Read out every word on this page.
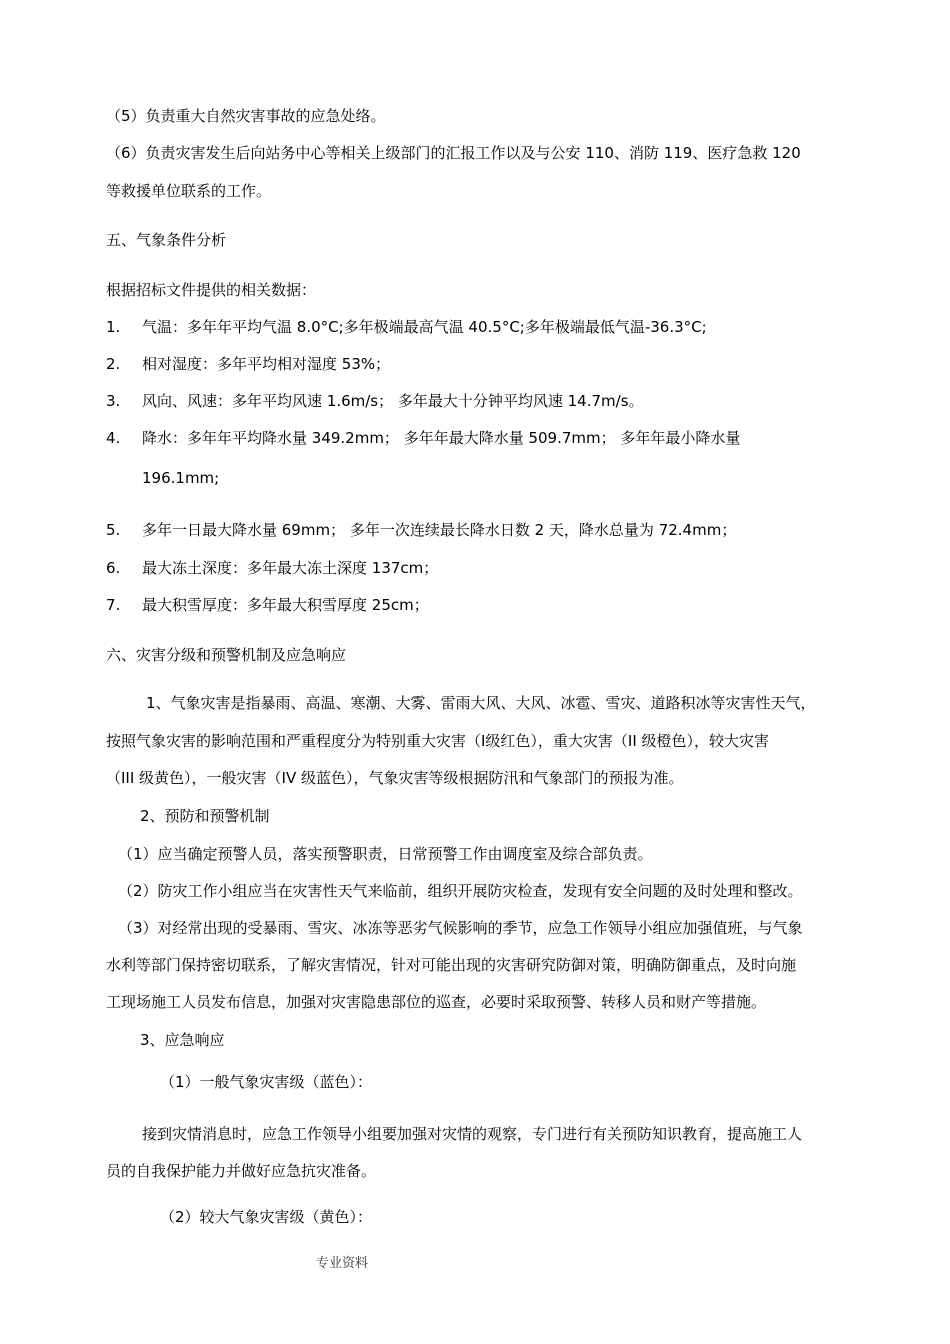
（5）负责重大自然灾害事故的应急处络。
（6）负责灾害发生后向站务中心等相关上级部门的汇报工作以及与公安 110、消防 119、医疗急救 120
等救援单位联系的工作。
五、气象条件分析
根据招标文件提供的相关数据：
1. 气温：多年年平均气温 8.0°C;多年极端最高气温 40.5°C;多年极端最低气温-36.3°C;
2. 相对湿度：多年平均相对湿度 53%；
3. 风向、风速：多年平均风速 1.6m/s； 多年最大十分钟平均风速 14.7m/s。
4. 降水：多年年平均降水量 349.2mm； 多年年最大降水量 509.7mm； 多年年最小降水量
196.1mm;
5. 多年一日最大降水量 69mm； 多年一次连续最长降水日数 2 天，降水总量为 72.4mm；
6. 最大冻土深度：多年最大冻土深度 137cm；
7. 最大积雪厚度：多年最大积雪厚度 25cm；
六、灾害分级和预警机制及应急响应
1、气象灾害是指暴雨、高温、寒潮、大雾、雷雨大风、大风、冰雹、雪灾、道路积冰等灾害性天气，
按照气象灾害的影响范围和严重程度分为特别重大灾害（Ⅰ级红色），重大灾害（II 级橙色），较大灾害
（III 级黄色），一般灾害（IV 级蓝色），气象灾害等级根据防汛和气象部门的预报为准。
2、预防和预警机制
（1）应当确定预警人员，落实预警职责，日常预警工作由调度室及综合部负责。
（2）防灾工作小组应当在灾害性天气来临前，组织开展防灾检查，发现有安全问题的及时处理和整改。
（3）对经常出现的受暴雨、雪灾、冰冻等恶劣气候影响的季节，应急工作领导小组应加强值班，与气象
水利等部门保持密切联系，了解灾害情况，针对可能出现的灾害研究防御对策，明确防御重点，及时向施
工现场施工人员发布信息，加强对灾害隐患部位的巡查，必要时采取预警、转移人员和财产等措施。
3、应急响应
（1）一般气象灾害级（蓝色）：
接到灾情消息时，应急工作领导小组要加强对灾情的观察，专门进行有关预防知识教育，提高施工人
员的自我保护能力并做好应急抗灾准备。
（2）较大气象灾害级（黄色）：
专业资料
